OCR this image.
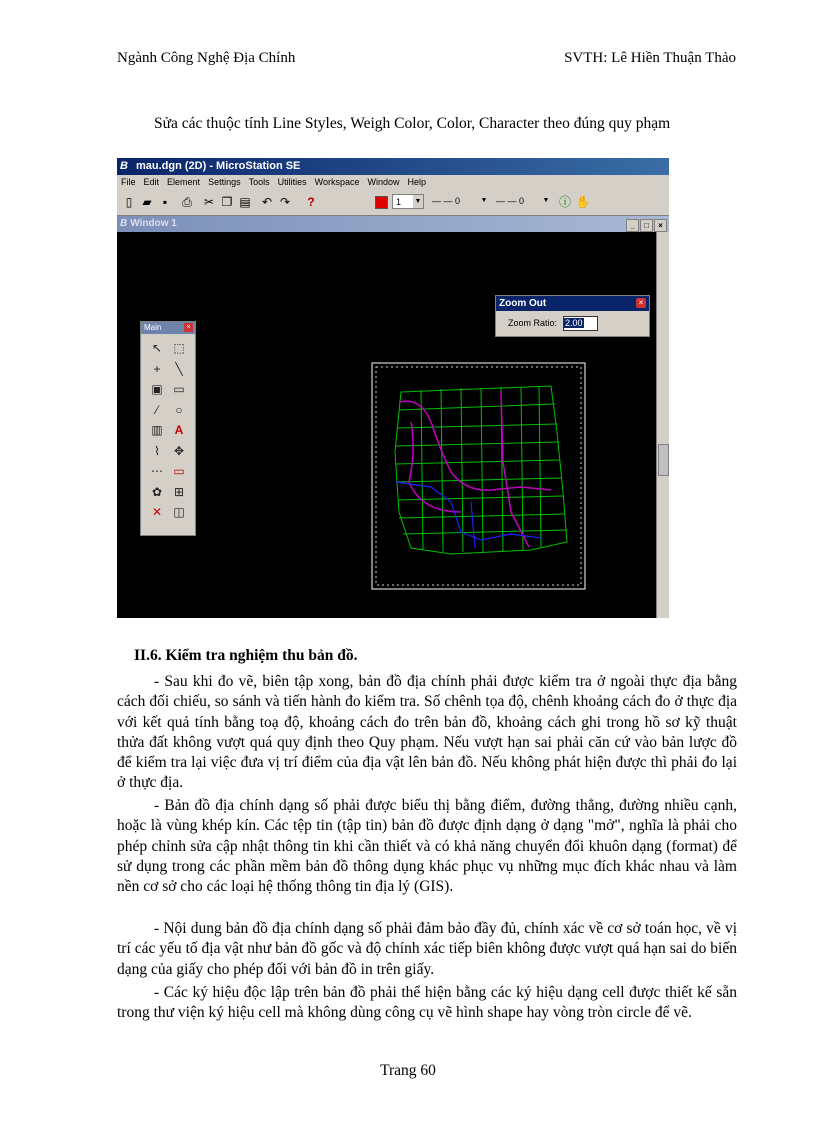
Ngành Công Nghệ Địa Chính	SVTH: Lê Hiền Thuận Thảo

Sửa các thuộc tính Line Styles, Weigh Color, Color, Character theo đúng quy phạm

B mau.dgn (2D) - MicroStation SE
File Edit Element Settings Tools Utilities Workspace Window Help
▯ ▰ ▪	⎙ ✂ ❐ ▤ ↶ ↷	?	1 ▼	— — 0	▼ — — 0	▼ ⓘ ✋
B Window 1	_ □ ×
Zoom Out	×
Zoom Ratio: 2.00
Main	×
↖ ⬚
+	╲
▣ ▭
⁄	○
▥ A
⌇	✥
⋯ ▭
✿ ⊞
✕ ◫
II.6. Kiểm tra nghiệm thu bản đồ.

- Sau khi đo vẽ, biên tập xong, bản đồ địa chính phải được kiểm tra ở ngoài thực địa bằng cách đối chiếu, so sánh và tiến hành đo kiểm tra. Số chênh tọa độ, chênh khoảng cách đo ở thực địa với kết quả tính bằng toạ độ, khoảng cách đo trên bản đồ, khoảng cách ghi trong hồ sơ kỹ thuật thửa đất không vượt quá quy định theo Quy phạm. Nếu vượt hạn sai phải căn cứ vào bản lược đồ để kiểm tra lại việc đưa vị trí điểm của địa vật lên bản đồ. Nếu không phát hiện được thì phải đo lại ở thực địa.

- Bản đồ địa chính dạng số phải được biểu thị bằng điểm, đường thẳng, đường nhiều cạnh, hoặc là vùng khép kín. Các tệp tin (tập tin) bản đồ được định dạng ở dạng "mở", nghĩa là phải cho phép chỉnh sửa cập nhật thông tin khi cần thiết và có khả năng chuyển đổi khuôn dạng (format) để sử dụng trong các phần mềm bản đồ thông dụng khác phục vụ những mục đích khác nhau và làm nền cơ sở cho các loại hệ thống thông tin địa lý (GIS).

- Nội dung bản đồ địa chính dạng số phải đảm bảo đầy đủ, chính xác về cơ sở toán học, về vị trí các yếu tố địa vật như bản đồ gốc và độ chính xác tiếp biên không được vượt quá hạn sai do biến dạng của giấy cho phép đối với bản đồ in trên giấy.

- Các ký hiệu độc lập trên bản đồ phải thể hiện bằng các ký hiệu dạng cell được thiết kế sẵn trong thư viện ký hiệu cell mà không dùng công cụ vẽ hình shape hay vòng tròn circle để vẽ.

Trang 60
